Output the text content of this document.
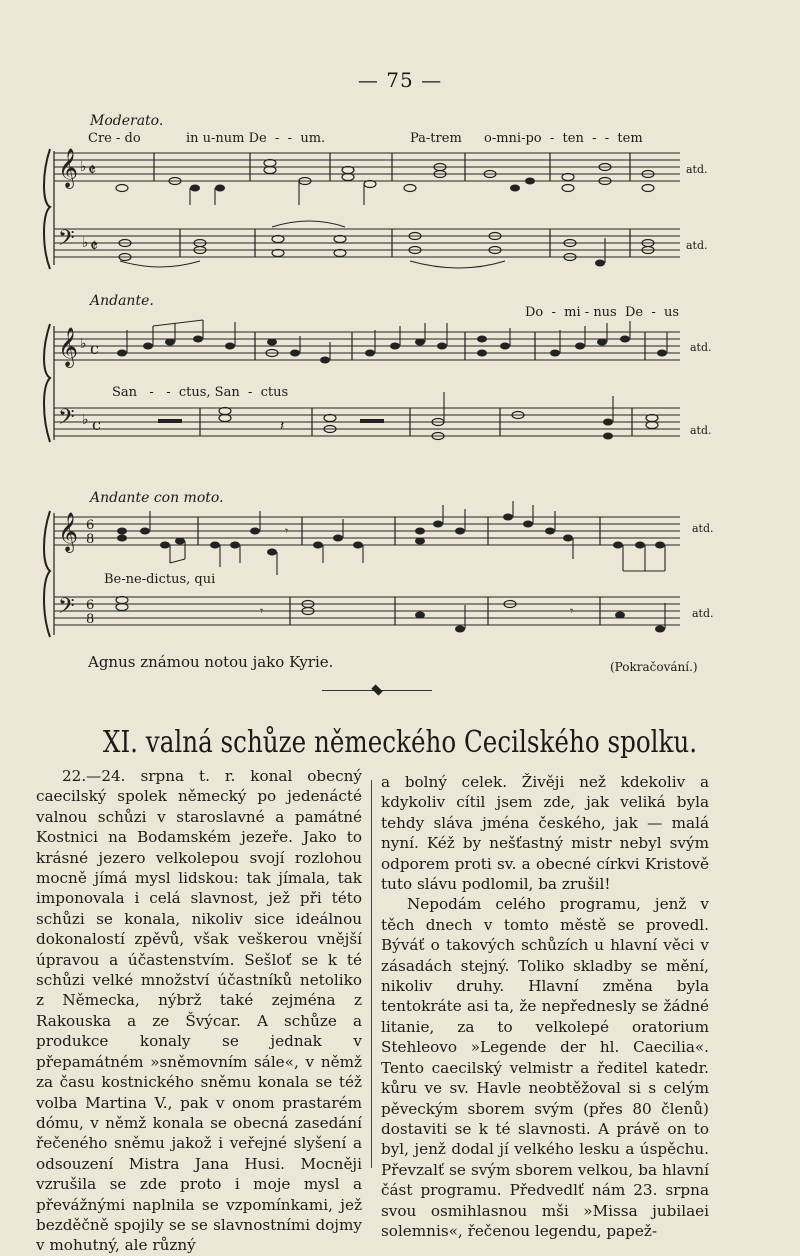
— 75 —
Moderato.
Cre - do	in u-num De  -  -  um.	Pa-trem o-mni-po  -  ten  -  -  tem
𝄞 ♭ 𝄵
𝄢 ♭ 𝄵
atd.
atd.
Andante.
Do  -  mi - nus  De  -  us
𝄞 ♭ c
𝄢 ♭ c	𝄽
San   -   -  ctus, San  -  ctus
atd.
atd.
Andante con moto.
𝄞 6
8
𝄾
𝄢 6
8
𝄾	𝄾
Be-ne-dictus, qui
atd.
atd.
Agnus známou notou jako Kyrie.	(Pokračování.)
XI. valná schůze německého Cecilského spolku.

22.—24. srpna t. r. konal obecný caecilský spolek německý po jedenácté valnou schůzi v staroslavné a památné Kostnici na Bodamském jezeře. Jako to krásné jezero velkolepou svojí rozlohou mocně jímá mysl lidskou: tak jímala, tak imponovala i celá slavnost, jež při této schůzi se konala, nikoliv sice ideálnou dokonalostí zpěvů, však veškerou vnější úpravou a účastenstvím. Sešloť se k té schůzi velké množství účastníků netoliko z Německa, nýbrž také zejména z Rakouska a ze Švýcar. A schůze a produkce konaly se jednak v přepamátném »sněmovním sále«, v němž za času kostnického sněmu konala se též volba Martina V., pak v onom prastarém dómu, v němž konala se obecná zasedání řečeného sněmu jakož i veřejné slyšení a odsouzení Mistra Jana Husi. Mocněji vzrušila se zde proto i moje mysl a převážnými naplnila se vzpomínkami, jež bezděčně spojily se se slavnostními dojmy v mohutný, ale různý

a bolný celek. Živěji než kdekoliv a kdykoliv cítil jsem zde, jak veliká byla tehdy sláva jména českého, jak — malá nyní. Kéž by nešťastný mistr nebyl svým odporem proti sv. a obecné církvi Kristově tuto slávu podlomil, ba zrušil!

Nepodám celého programu, jenž v těch dnech v tomto městě se provedl. Býváť o takových schůzích u hlavní věci v zásadách stejný. Toliko skladby se mění, nikoliv druhy. Hlavní změna byla tentokráte asi ta, že nepřednesly se žádné litanie, za to velkolepé oratorium Stehleovo »Legende der hl. Caecilia«. Tento caecilský velmistr a ředitel katedr. kůru ve sv. Havle neobtěžoval si s celým pěveckým sborem svým (přes 80 členů) dostaviti se k té slavnosti. A právě on to byl, jenž dodal jí velkého lesku a úspěchu. Převzalť se svým sborem velkou, ba hlavní část programu. Předvedlť nám 23. srpna svou osmihlasnou mši »Missa jubilaei solemnis«, řečenou legendu, papež-
